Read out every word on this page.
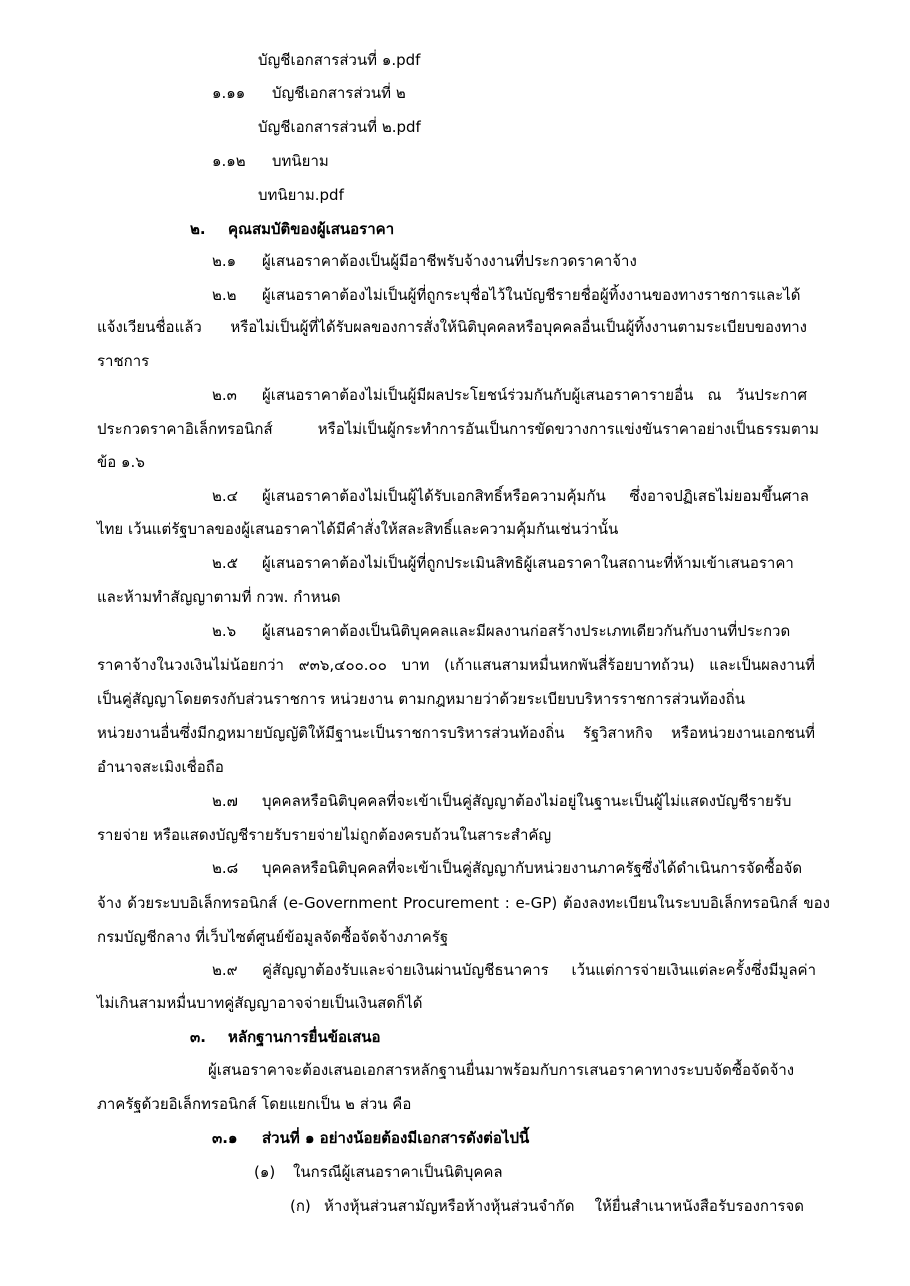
บัญชีเอกสารส่วนที่ ๑.pdf
๑.๑๑ บัญชีเอกสารส่วนที่ ๒
บัญชีเอกสารส่วนที่ ๒.pdf
๑.๑๒ บทนิยาม
บทนิยาม.pdf
๒. คุณสมบัติของผู้เสนอราคา
๒.๑ ผู้เสนอราคาต้องเป็นผู้มีอาชีพรับจ้างงานที่ประกวดราคาจ้าง
๒.๒ ผู้เสนอราคาต้องไม่เป็นผู้ที่ถูกระบุชื่อไว้ในบัญชีรายชื่อผู้ทิ้งงานของทางราชการและได้
แจ้งเวียนชื่อแล้ว หรือไม่เป็นผู้ที่ได้รับผลของการสั่งให้นิติบุคคลหรือบุคคลอื่นเป็นผู้ทิ้งงานตามระเบียบของทาง
ราชการ
๒.๓ ผู้เสนอราคาต้องไม่เป็นผู้มีผลประโยชน์ร่วมกันกับผู้เสนอราคารายอื่น ณ วันประกาศ
ประกวดราคาอิเล็กทรอนิกส์ หรือไม่เป็นผู้กระทำการอันเป็นการขัดขวางการแข่งขันราคาอย่างเป็นธรรมตาม
ข้อ ๑.๖
๒.๔ ผู้เสนอราคาต้องไม่เป็นผู้ได้รับเอกสิทธิ์หรือความคุ้มกัน ซึ่งอาจปฏิเสธไม่ยอมขึ้นศาล
ไทย เว้นแต่รัฐบาลของผู้เสนอราคาได้มีคำสั่งให้สละสิทธิ์และความคุ้มกันเช่นว่านั้น
๒.๕ ผู้เสนอราคาต้องไม่เป็นผู้ที่ถูกประเมินสิทธิผู้เสนอราคาในสถานะที่ห้ามเข้าเสนอราคา
และห้ามทำสัญญาตามที่ กวพ. กำหนด
๒.๖ ผู้เสนอราคาต้องเป็นนิติบุคคลและมีผลงานก่อสร้างประเภทเดียวกันกับงานที่ประกวด
ราคาจ้างในวงเงินไม่น้อยกว่า ๙๓๖,๔๐๐.๐๐ บาท (เก้าแสนสามหมื่นหกพันสี่ร้อยบาทถ้วน) และเป็นผลงานที่
เป็นคู่สัญญาโดยตรงกับส่วนราชการ หน่วยงาน ตามกฎหมายว่าด้วยระเบียบบริหารราชการส่วนท้องถิ่น
หน่วยงานอื่นซึ่งมีกฎหมายบัญญัติให้มีฐานะเป็นราชการบริหารส่วนท้องถิ่น รัฐวิสาหกิจ หรือหน่วยงานเอกชนที่
อำนาจสะเมิงเชื่อถือ
๒.๗ บุคคลหรือนิติบุคคลที่จะเข้าเป็นคู่สัญญาต้องไม่อยู่ในฐานะเป็นผู้ไม่แสดงบัญชีรายรับ
รายจ่าย หรือแสดงบัญชีรายรับรายจ่ายไม่ถูกต้องครบถ้วนในสาระสำคัญ
๒.๘ บุคคลหรือนิติบุคคลที่จะเข้าเป็นคู่สัญญากับหน่วยงานภาครัฐซึ่งได้ดำเนินการจัดซื้อจัด
จ้าง ด้วยระบบอิเล็กทรอนิกส์ (e-Government Procurement : e-GP) ต้องลงทะเบียนในระบบอิเล็กทรอนิกส์ ของ
กรมบัญชีกลาง ที่เว็บไซต์ศูนย์ข้อมูลจัดซื้อจัดจ้างภาครัฐ
๒.๙ คู่สัญญาต้องรับและจ่ายเงินผ่านบัญชีธนาคาร เว้นแต่การจ่ายเงินแต่ละครั้งซึ่งมีมูลค่า
ไม่เกินสามหมื่นบาทคู่สัญญาอาจจ่ายเป็นเงินสดก็ได้
๓. หลักฐานการยื่นข้อเสนอ
ผู้เสนอราคาจะต้องเสนอเอกสารหลักฐานยื่นมาพร้อมกับการเสนอราคาทางระบบจัดซื้อจัดจ้าง
ภาครัฐด้วยอิเล็กทรอนิกส์ โดยแยกเป็น ๒ ส่วน คือ
๓.๑ ส่วนที่ ๑ อย่างน้อยต้องมีเอกสารดังต่อไปนี้
(๑) ในกรณีผู้เสนอราคาเป็นนิติบุคคล
(ก) ห้างหุ้นส่วนสามัญหรือห้างหุ้นส่วนจำกัด ให้ยื่นสำเนาหนังสือรับรองการจด
